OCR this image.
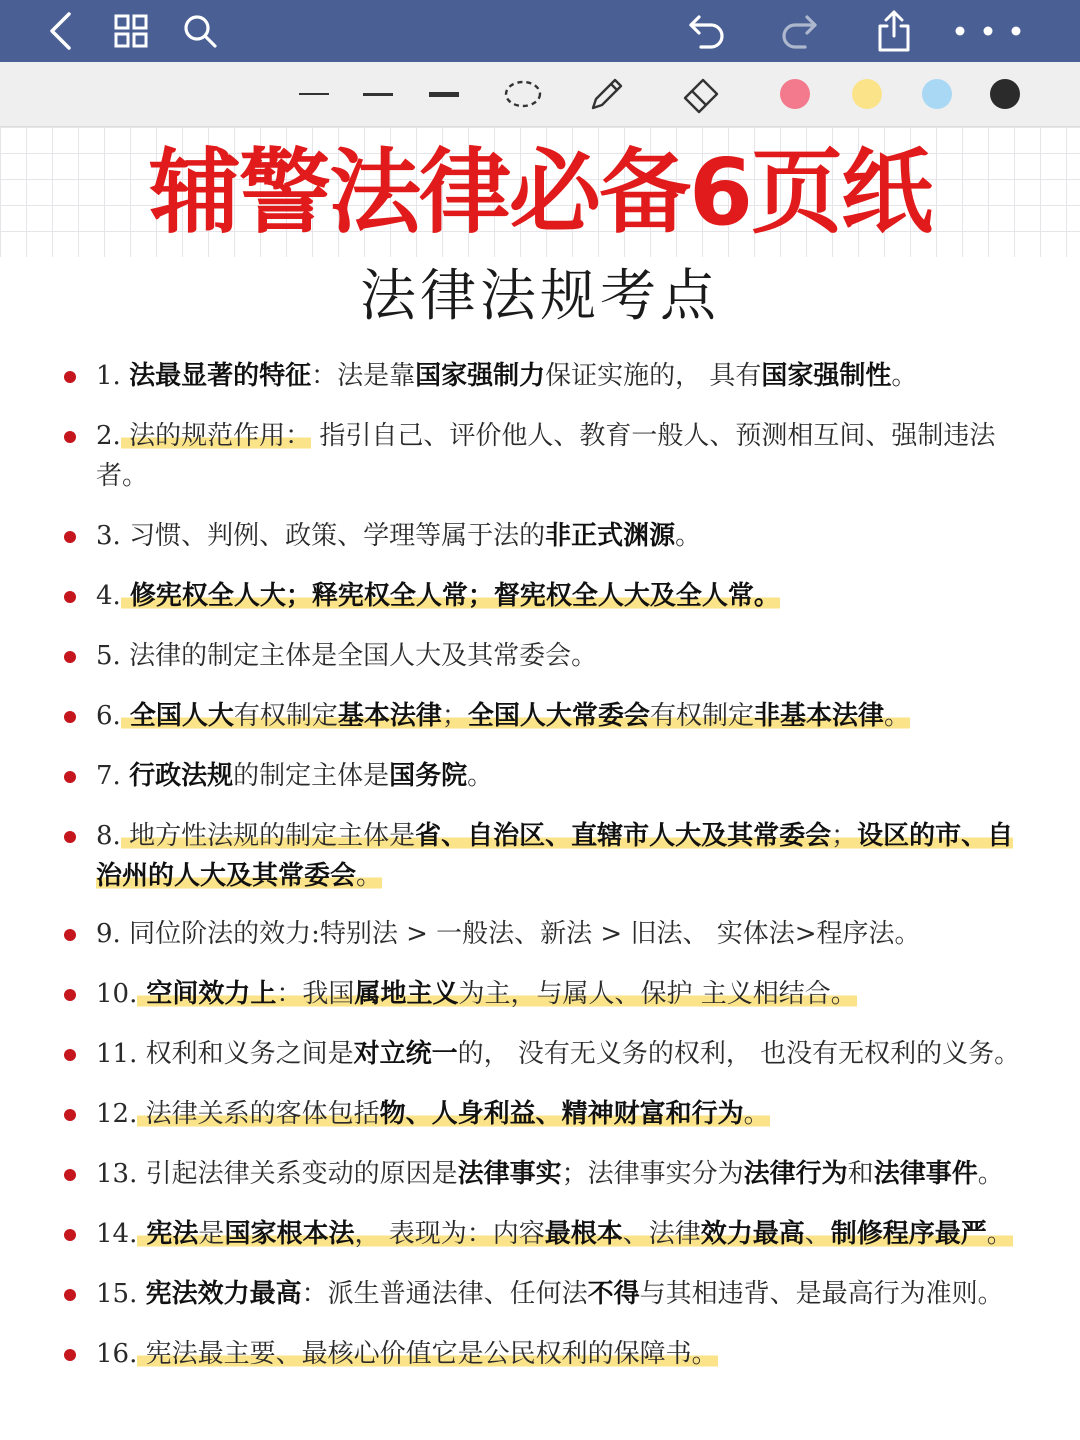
辅警法律必备6页纸
法律法规考点
1. 法最显著的特征：法是靠国家强制力保证实施的， 具有国家强制性。
2. 法的规范作用： 指引自己、评价他人、教育一般人、预测相互间、强制违法者。
3. 习惯、判例、政策、学理等属于法的非正式渊源。
4. 修宪权全人大；释宪权全人常；督宪权全人大及全人常。
5. 法律的制定主体是全国人大及其常委会。
6. 全国人大有权制定基本法律；全国人大常委会有权制定非基本法律。
7. 行政法规的制定主体是国务院。
8. 地方性法规的制定主体是省、自治区、直辖市人大及其常委会；设区的市、自治州的人大及其常委会。
9. 同位阶法的效力:特别法 > 一般法、新法 > 旧法、 实体法>程序法。
10. 空间效力上：我国属地主义为主，与属人、保护 主义相结合。
11. 权利和义务之间是对立统一的， 没有无义务的权利， 也没有无权利的义务。
12. 法律关系的客体包括物、人身利益、精神财富和行为。
13. 引起法律关系变动的原因是法律事实；法律事实分为法律行为和法律事件。
14. 宪法是国家根本法， 表现为：内容最根本、法律效力最高、制修程序最严。
15. 宪法效力最高：派生普通法律、任何法不得与其相违背、是最高行为准则。
16. 宪法最主要、最核心价值它是公民权利的保障书。
